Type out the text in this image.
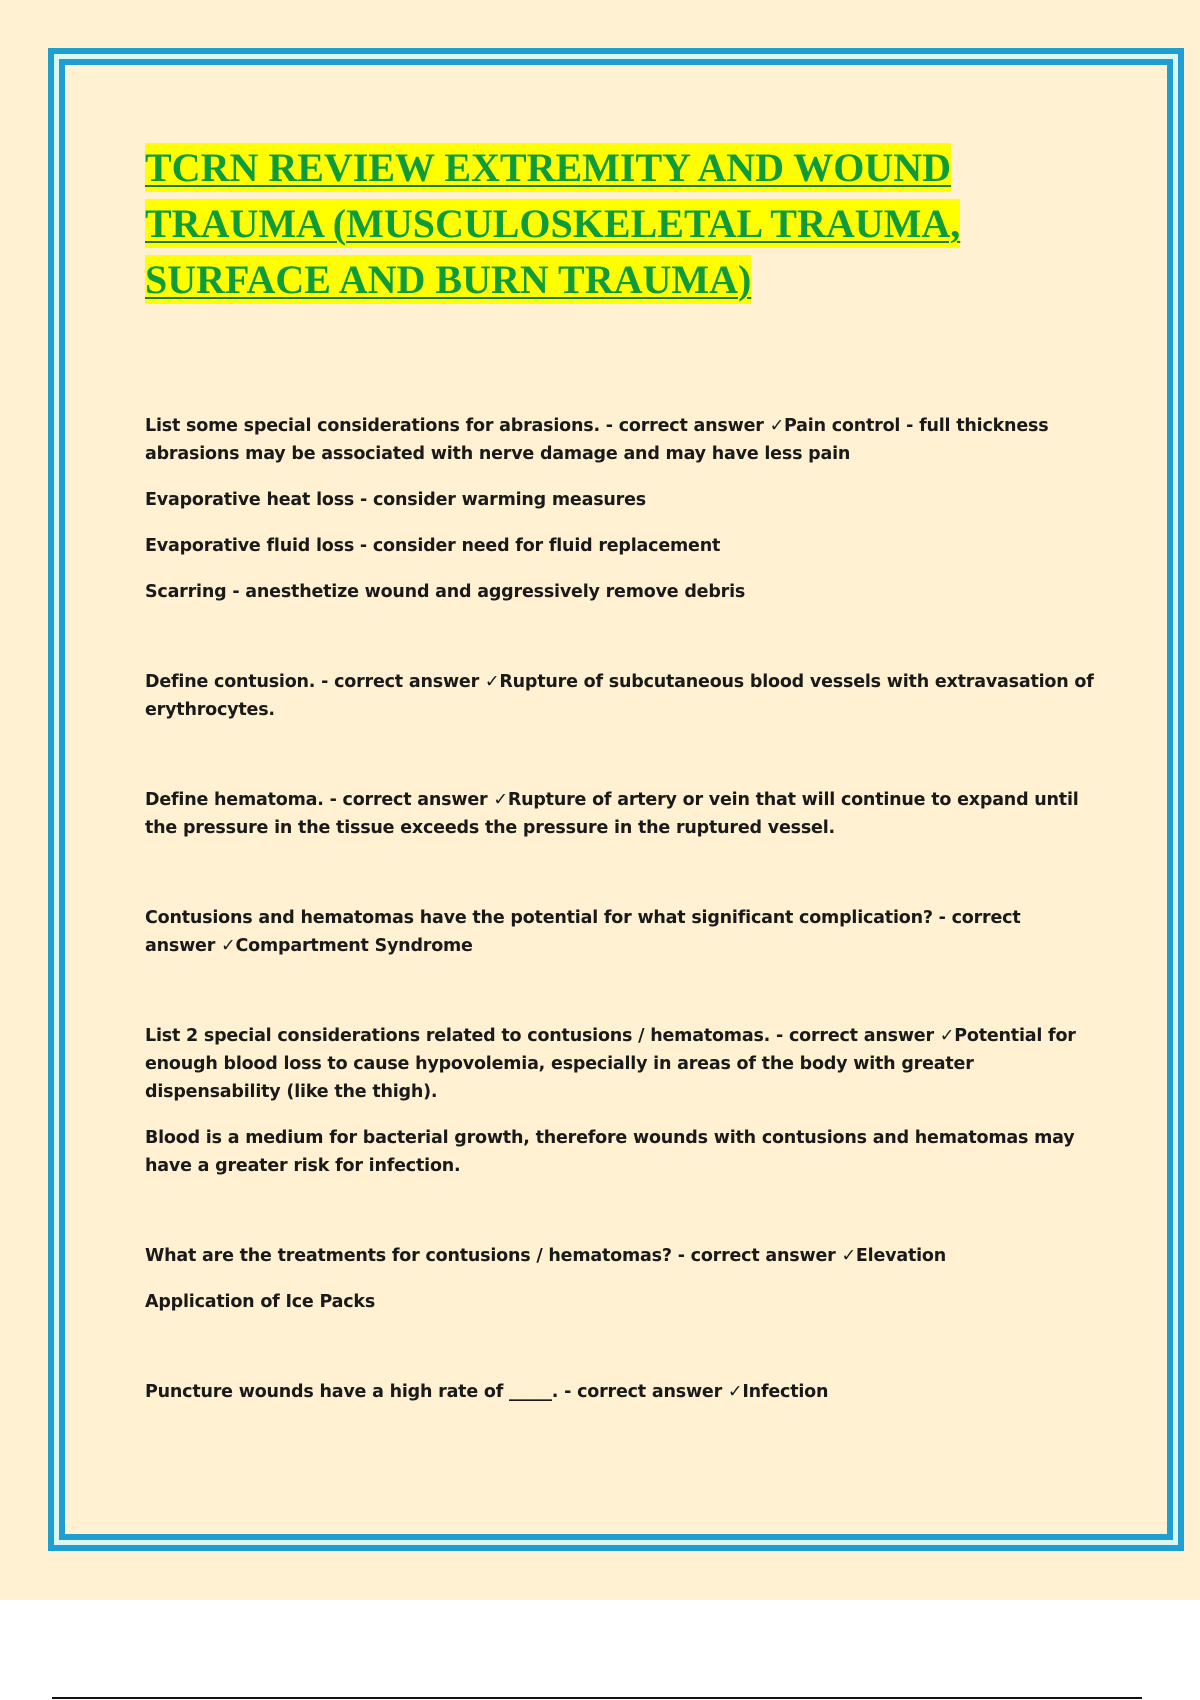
TCRN REVIEW EXTREMITY AND WOUND
TRAUMA (MUSCULOSKELETAL TRAUMA,
SURFACE AND BURN TRAUMA)

List some special considerations for abrasions. - correct answer ✓Pain control - full thickness abrasions may be associated with nerve damage and may have less pain

Evaporative heat loss - consider warming measures

Evaporative fluid loss - consider need for fluid replacement

Scarring - anesthetize wound and aggressively remove debris

Define contusion. - correct answer ✓Rupture of subcutaneous blood vessels with extravasation of erythrocytes.

Define hematoma. - correct answer ✓Rupture of artery or vein that will continue to expand until the pressure in the tissue exceeds the pressure in the ruptured vessel.

Contusions and hematomas have the potential for what significant complication? - correct answer ✓Compartment Syndrome

List 2 special considerations related to contusions / hematomas. - correct answer ✓Potential for enough blood loss to cause hypovolemia, especially in areas of the body with greater dispensability (like the thigh).

Blood is a medium for bacterial growth, therefore wounds with contusions and hematomas may have a greater risk for infection.

What are the treatments for contusions / hematomas? - correct answer ✓Elevation

Application of Ice Packs

Puncture wounds have a high rate of _____. - correct answer ✓Infection
